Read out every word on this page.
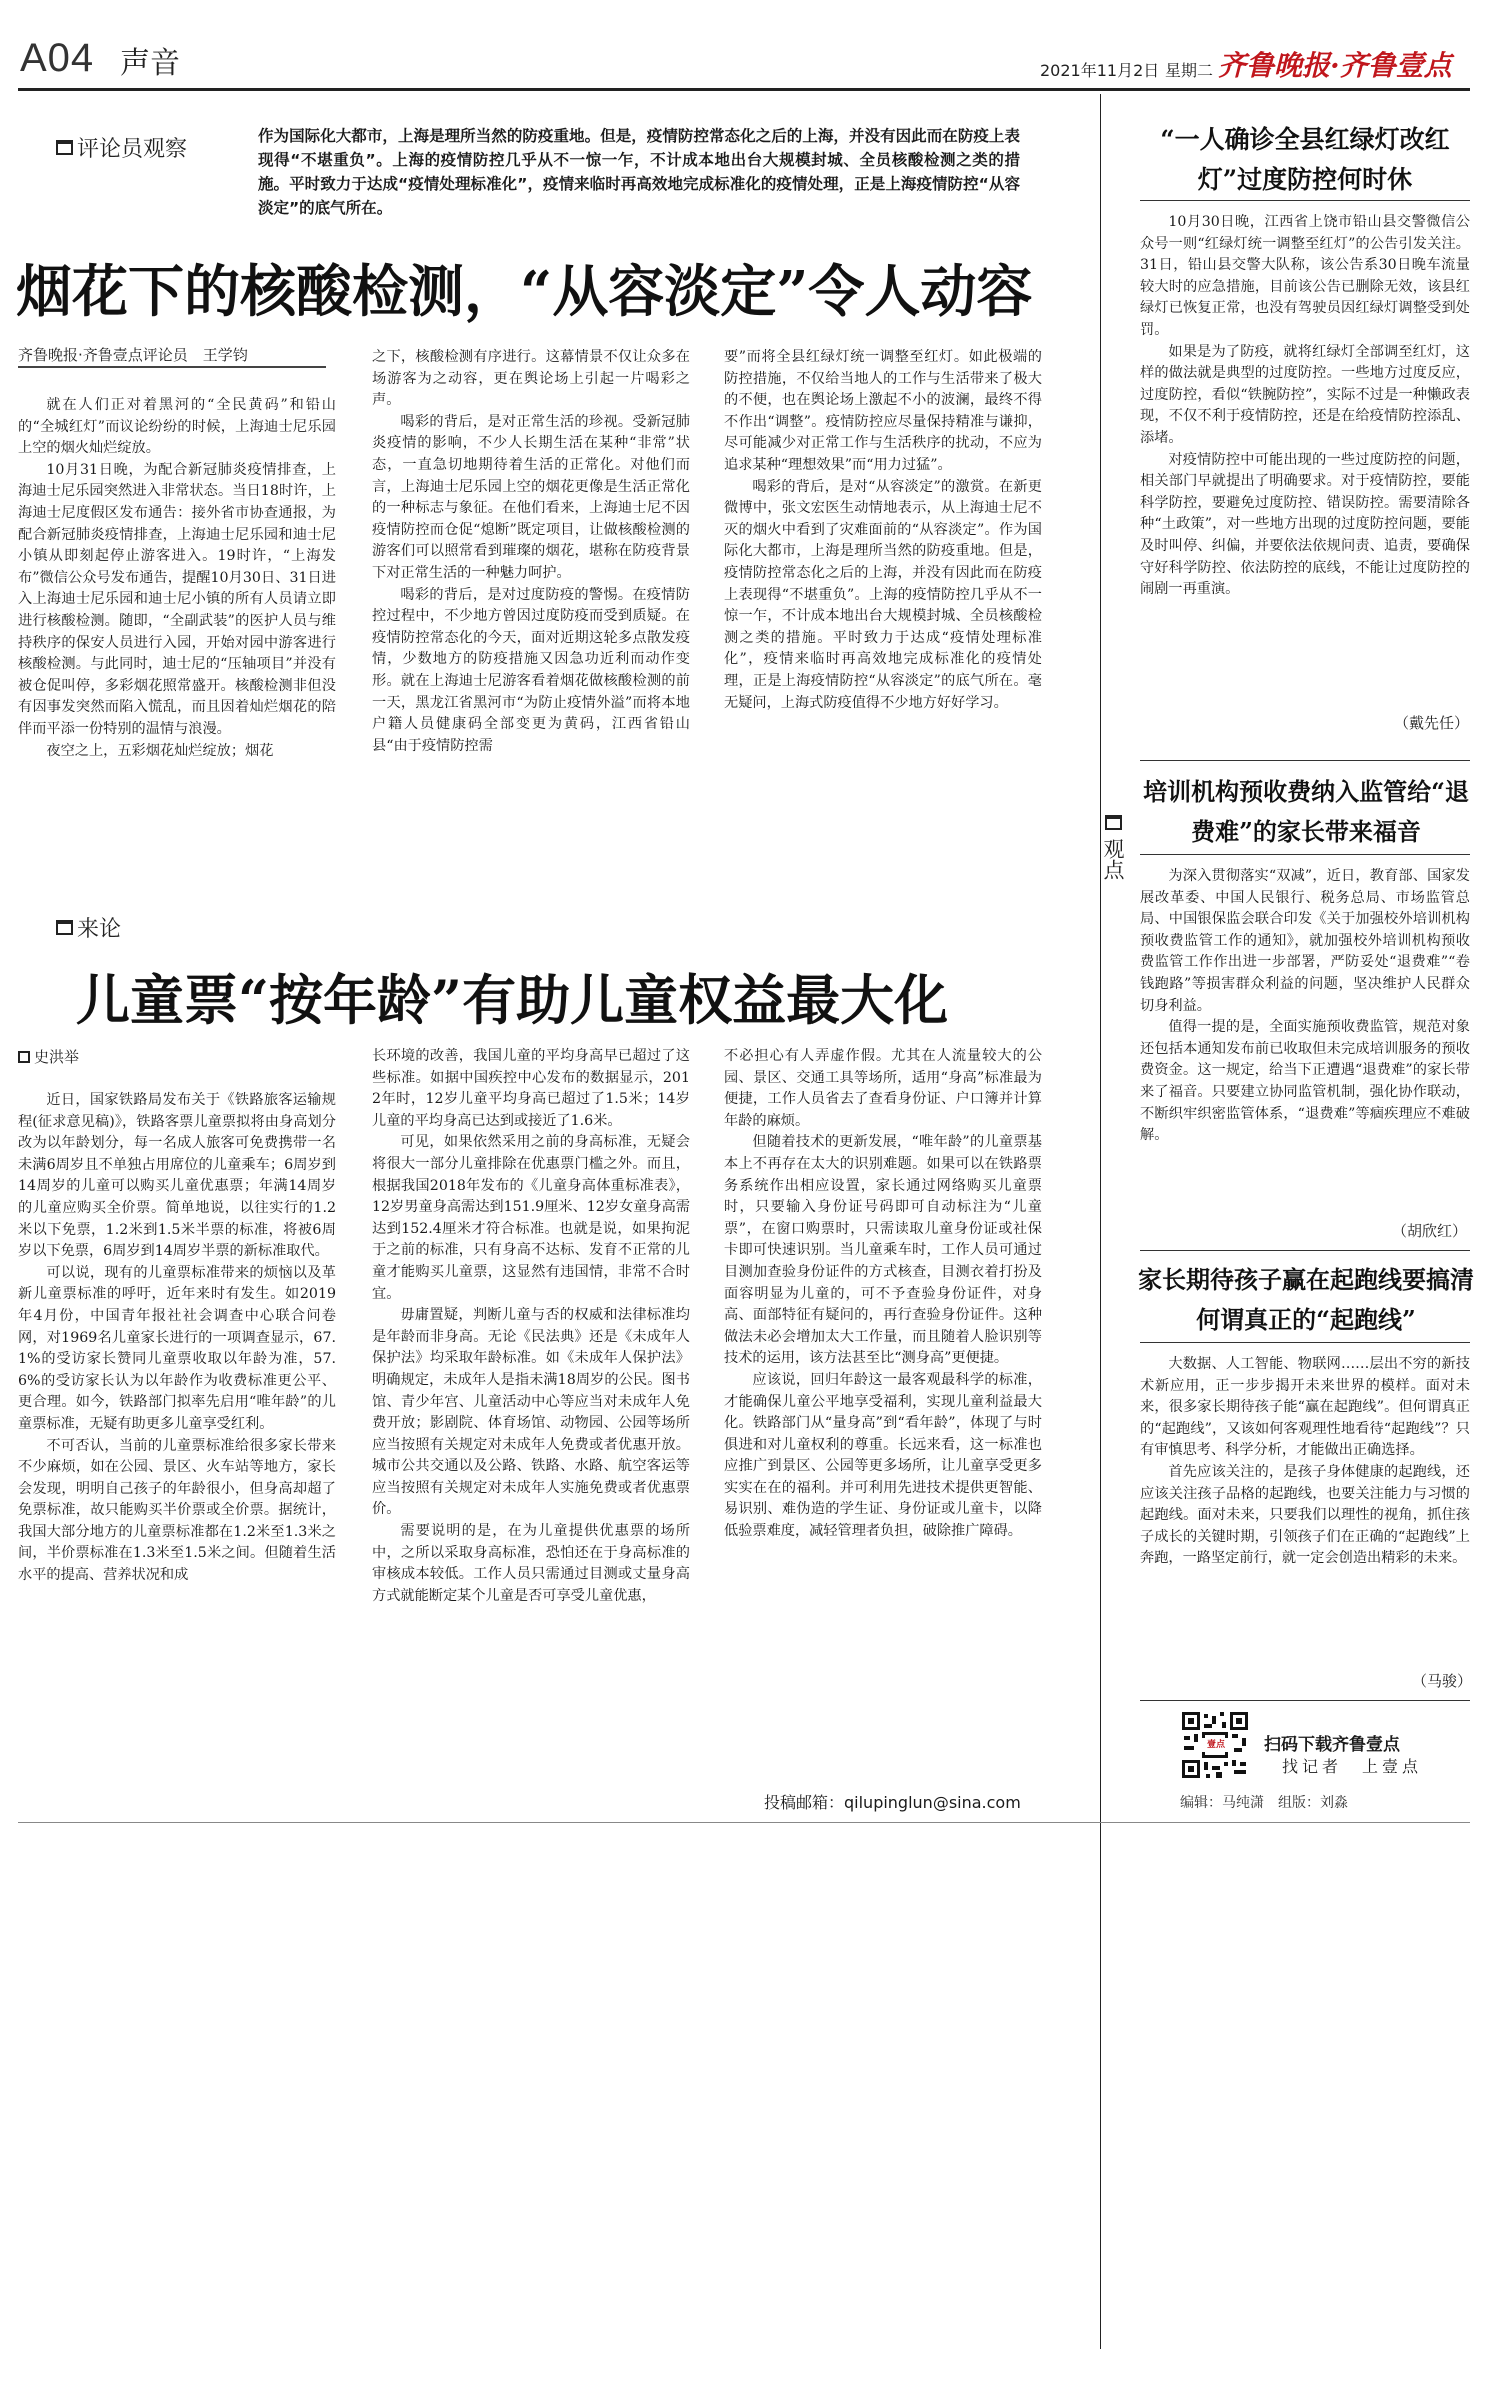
A04 声音	2021年11月2日 星期二 齐鲁晚报·齐鲁壹点
评论员观察
作为国际化大都市，上海是理所当然的防疫重地。但是，疫情防控常态化之后的上海，并没有因此而在防疫上表现得“不堪重负”。上海的疫情防控几乎从不一惊一乍，不计成本地出台大规模封城、全员核酸检测之类的措施。平时致力于达成“疫情处理标准化”，疫情来临时再高效地完成标准化的疫情处理，正是上海疫情防控“从容淡定”的底气所在。
烟花下的核酸检测，“从容淡定”令人动容
齐鲁晚报·齐鲁壹点评论员　王学钧

就在人们正对着黑河的“全民黄码”和铅山的“全城红灯”而议论纷纷的时候，上海迪士尼乐园上空的烟火灿烂绽放。

10月31日晚，为配合新冠肺炎疫情排查，上海迪士尼乐园突然进入非常状态。当日18时许，上海迪士尼度假区发布通告：接外省市协查通报，为配合新冠肺炎疫情排查，上海迪士尼乐园和迪士尼小镇从即刻起停止游客进入。19时许，“上海发布”微信公众号发布通告，提醒10月30日、31日进入上海迪士尼乐园和迪士尼小镇的所有人员请立即进行核酸检测。随即，“全副武装”的医护人员与维持秩序的保安人员进行入园，开始对园中游客进行核酸检测。与此同时，迪士尼的“压轴项目”并没有被仓促叫停，多彩烟花照常盛开。核酸检测非但没有因事发突然而陷入慌乱，而且因着灿烂烟花的陪伴而平添一份特别的温情与浪漫。

夜空之上，五彩烟花灿烂绽放；烟花

之下，核酸检测有序进行。这幕情景不仅让众多在场游客为之动容，更在舆论场上引起一片喝彩之声。

喝彩的背后，是对正常生活的珍视。受新冠肺炎疫情的影响，不少人长期生活在某种“非常”状态，一直急切地期待着生活的正常化。对他们而言，上海迪士尼乐园上空的烟花更像是生活正常化的一种标志与象征。在他们看来，上海迪士尼不因疫情防控而仓促“熄断”既定项目，让做核酸检测的游客们可以照常看到璀璨的烟花，堪称在防疫背景下对正常生活的一种魅力呵护。

喝彩的背后，是对过度防疫的警惕。在疫情防控过程中，不少地方曾因过度防疫而受到质疑。在疫情防控常态化的今天，面对近期这轮多点散发疫情，少数地方的防疫措施又因急功近利而动作变形。就在上海迪士尼游客看着烟花做核酸检测的前一天，黑龙江省黑河市“为防止疫情外溢”而将本地户籍人员健康码全部变更为黄码，江西省铅山县“由于疫情防控需

要”而将全县红绿灯统一调整至红灯。如此极端的防控措施，不仅给当地人的工作与生活带来了极大的不便，也在舆论场上激起不小的波澜，最终不得不作出“调整”。疫情防控应尽量保持精准与谦抑，尽可能减少对正常工作与生活秩序的扰动，不应为追求某种“理想效果”而“用力过猛”。

喝彩的背后，是对“从容淡定”的激赏。在新更微博中，张文宏医生动情地表示，从上海迪士尼不灭的烟火中看到了灾难面前的“从容淡定”。作为国际化大都市，上海是理所当然的防疫重地。但是，疫情防控常态化之后的上海，并没有因此而在防疫上表现得“不堪重负”。上海的疫情防控几乎从不一惊一乍，不计成本地出台大规模封城、全员核酸检测之类的措施。平时致力于达成“疫情处理标准化”，疫情来临时再高效地完成标准化的疫情处理，正是上海疫情防控“从容淡定”的底气所在。毫无疑问，上海式防疫值得不少地方好好学习。

来论
儿童票“按年龄”有助儿童权益最大化
史洪举

近日，国家铁路局发布关于《铁路旅客运输规程(征求意见稿)》，铁路客票儿童票拟将由身高划分改为以年龄划分，每一名成人旅客可免费携带一名未满6周岁且不单独占用席位的儿童乘车；6周岁到14周岁的儿童可以购买儿童优惠票；年满14周岁的儿童应购买全价票。简单地说，以往实行的1.2米以下免票，1.2米到1.5米半票的标准，将被6周岁以下免票，6周岁到14周岁半票的新标准取代。

可以说，现有的儿童票标准带来的烦恼以及革新儿童票标准的呼吁，近年来时有发生。如2019年4月份，中国青年报社社会调查中心联合问卷网，对1969名儿童家长进行的一项调查显示，67.1%的受访家长赞同儿童票收取以年龄为准，57.6%的受访家长认为以年龄作为收费标准更公平、更合理。如今，铁路部门拟率先启用“唯年龄”的儿童票标准，无疑有助更多儿童享受红利。

不可否认，当前的儿童票标准给很多家长带来不少麻烦，如在公园、景区、火车站等地方，家长会发现，明明自己孩子的年龄很小，但身高却超了免票标准，故只能购买半价票或全价票。据统计，我国大部分地方的儿童票标准都在1.2米至1.3米之间，半价票标准在1.3米至1.5米之间。但随着生活水平的提高、营养状况和成

长环境的改善，我国儿童的平均身高早已超过了这些标准。如据中国疾控中心发布的数据显示，2012年时，12岁儿童平均身高已超过了1.5米；14岁儿童的平均身高已达到或接近了1.6米。

可见，如果依然采用之前的身高标准，无疑会将很大一部分儿童排除在优惠票门槛之外。而且，根据我国2018年发布的《儿童身高体重标准表》，12岁男童身高需达到151.9厘米、12岁女童身高需达到152.4厘米才符合标准。也就是说，如果拘泥于之前的标准，只有身高不达标、发育不正常的儿童才能购买儿童票，这显然有违国情，非常不合时宜。

毋庸置疑，判断儿童与否的权威和法律标准均是年龄而非身高。无论《民法典》还是《未成年人保护法》均采取年龄标准。如《未成年人保护法》明确规定，未成年人是指未满18周岁的公民。图书馆、青少年宫、儿童活动中心等应当对未成年人免费开放；影剧院、体育场馆、动物园、公园等场所应当按照有关规定对未成年人免费或者优惠开放。城市公共交通以及公路、铁路、水路、航空客运等应当按照有关规定对未成年人实施免费或者优惠票价。

需要说明的是，在为儿童提供优惠票的场所中，之所以采取身高标准，恐怕还在于身高标准的审核成本较低。工作人员只需通过目测或丈量身高方式就能断定某个儿童是否可享受儿童优惠，

不必担心有人弄虚作假。尤其在人流量较大的公园、景区、交通工具等场所，适用“身高”标准最为便捷，工作人员省去了查看身份证、户口簿并计算年龄的麻烦。

但随着技术的更新发展，“唯年龄”的儿童票基本上不再存在太大的识别难题。如果可以在铁路票务系统作出相应设置，家长通过网络购买儿童票时，只要输入身份证号码即可自动标注为“儿童票”，在窗口购票时，只需读取儿童身份证或社保卡即可快速识别。当儿童乘车时，工作人员可通过目测加查验身份证件的方式核查，目测衣着打扮及面容明显为儿童的，可不予查验身份证件，对身高、面部特征有疑问的，再行查验身份证件。这种做法未必会增加太大工作量，而且随着人脸识别等技术的运用，该方法甚至比“测身高”更便捷。

应该说，回归年龄这一最客观最科学的标准，才能确保儿童公平地享受福利，实现儿童利益最大化。铁路部门从“量身高”到“看年龄”，体现了与时俱进和对儿童权利的尊重。长远来看，这一标准也应推广到景区、公园等更多场所，让儿童享受更多实实在在的福利。并可利用先进技术提供更智能、易识别、难伪造的学生证、身份证或儿童卡，以降低验票难度，减轻管理者负担，破除推广障碍。

投稿邮箱：qilupinglun@sina.com
观点
“一人确诊全县红绿灯改红灯”过度防控何时休

10月30日晚，江西省上饶市铅山县交警微信公众号一则“红绿灯统一调整至红灯”的公告引发关注。31日，铅山县交警大队称，该公告系30日晚车流量较大时的应急措施，目前该公告已删除无效，该县红绿灯已恢复正常，也没有驾驶员因红绿灯调整受到处罚。

如果是为了防疫，就将红绿灯全部调至红灯，这样的做法就是典型的过度防控。一些地方过度反应，过度防控，看似“铁腕防控”，实际不过是一种懒政表现，不仅不利于疫情防控，还是在给疫情防控添乱、添堵。

对疫情防控中可能出现的一些过度防控的问题，相关部门早就提出了明确要求。对于疫情防控，要能科学防控，要避免过度防控、错误防控。需要清除各种“土政策”，对一些地方出现的过度防控问题，要能及时叫停、纠偏，并要依法依规问责、追责，要确保守好科学防控、依法防控的底线，不能让过度防控的闹剧一再重演。

（戴先任）
培训机构预收费纳入监管给“退费难”的家长带来福音

为深入贯彻落实“双减”，近日，教育部、国家发展改革委、中国人民银行、税务总局、市场监管总局、中国银保监会联合印发《关于加强校外培训机构预收费监管工作的通知》，就加强校外培训机构预收费监管工作作出进一步部署，严防妥处“退费难”“卷钱跑路”等损害群众利益的问题，坚决维护人民群众切身利益。

值得一提的是，全面实施预收费监管，规范对象还包括本通知发布前已收取但未完成培训服务的预收费资金。这一规定，给当下正遭遇“退费难”的家长带来了福音。只要建立协同监管机制，强化协作联动，不断织牢织密监管体系，“退费难”等痼疾理应不难破解。

（胡欣红）
家长期待孩子赢在起跑线要搞清何谓真正的“起跑线”

大数据、人工智能、物联网……层出不穷的新技术新应用，正一步步揭开未来世界的模样。面对未来，很多家长期待孩子能“赢在起跑线”。但何谓真正的“起跑线”，又该如何客观理性地看待“起跑线”？只有审慎思考、科学分析，才能做出正确选择。

首先应该关注的，是孩子身体健康的起跑线，还应该关注孩子品格的起跑线，也要关注能力与习惯的起跑线。面对未来，只要我们以理性的视角，抓住孩子成长的关键时期，引领孩子们在正确的“起跑线”上奔跑，一路坚定前行，就一定会创造出精彩的未来。

（马骏）
壹点 扫码下载齐鲁壹点
找记者　上壹点
编辑：马纯潇　组版：刘淼
